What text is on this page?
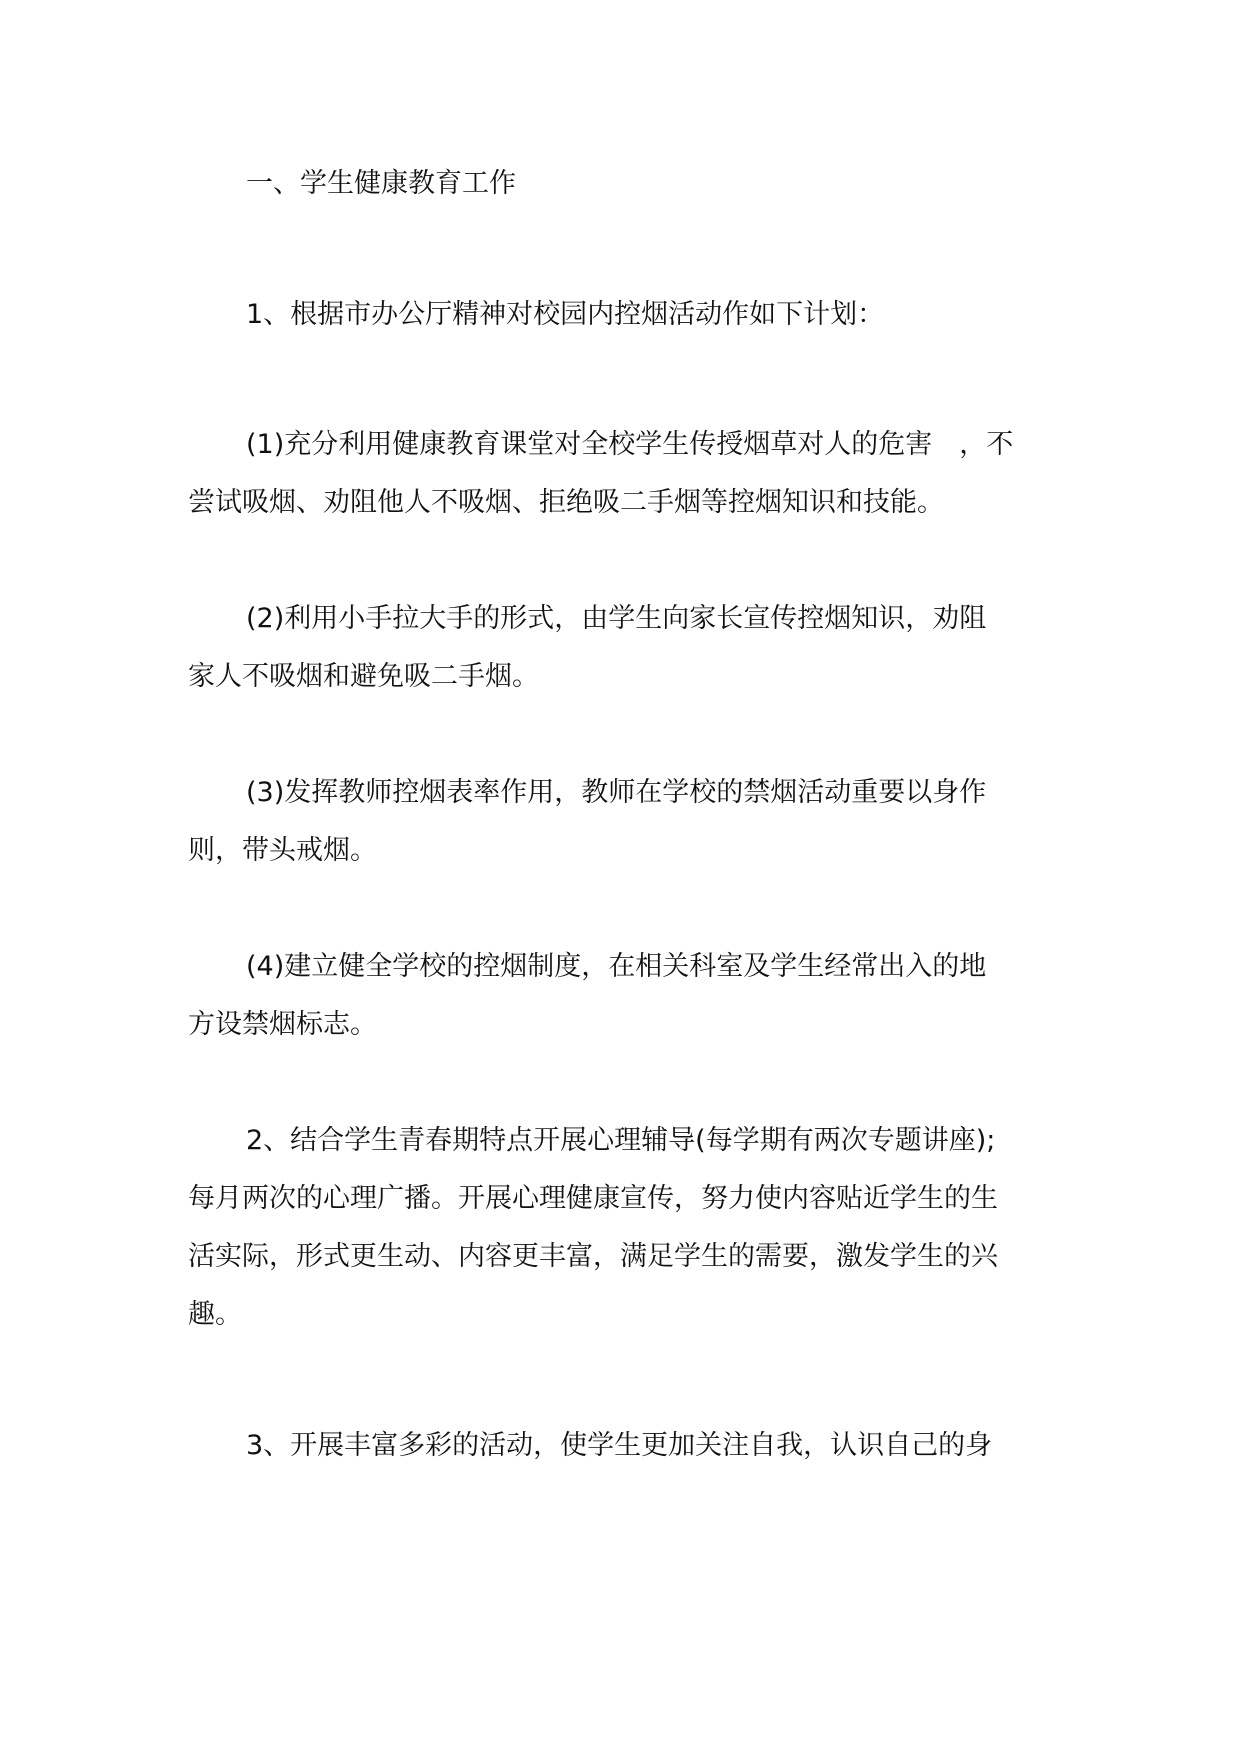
一、学生健康教育工作
1、根据市办公厅精神对校园内控烟活动作如下计划：
(1)充分利用健康教育课堂对全校学生传授烟草对人的危害　，不
尝试吸烟、劝阻他人不吸烟、拒绝吸二手烟等控烟知识和技能。
(2)利用小手拉大手的形式，由学生向家长宣传控烟知识，劝阻
家人不吸烟和避免吸二手烟。
(3)发挥教师控烟表率作用，教师在学校的禁烟活动重要以身作
则，带头戒烟。
(4)建立健全学校的控烟制度，在相关科室及学生经常出入的地
方设禁烟标志。
2、结合学生青春期特点开展心理辅导(每学期有两次专题讲座);
每月两次的心理广播。开展心理健康宣传，努力使内容贴近学生的生
活实际，形式更生动、内容更丰富，满足学生的需要，激发学生的兴
趣。
3、开展丰富多彩的活动，使学生更加关注自我，认识自己的身
